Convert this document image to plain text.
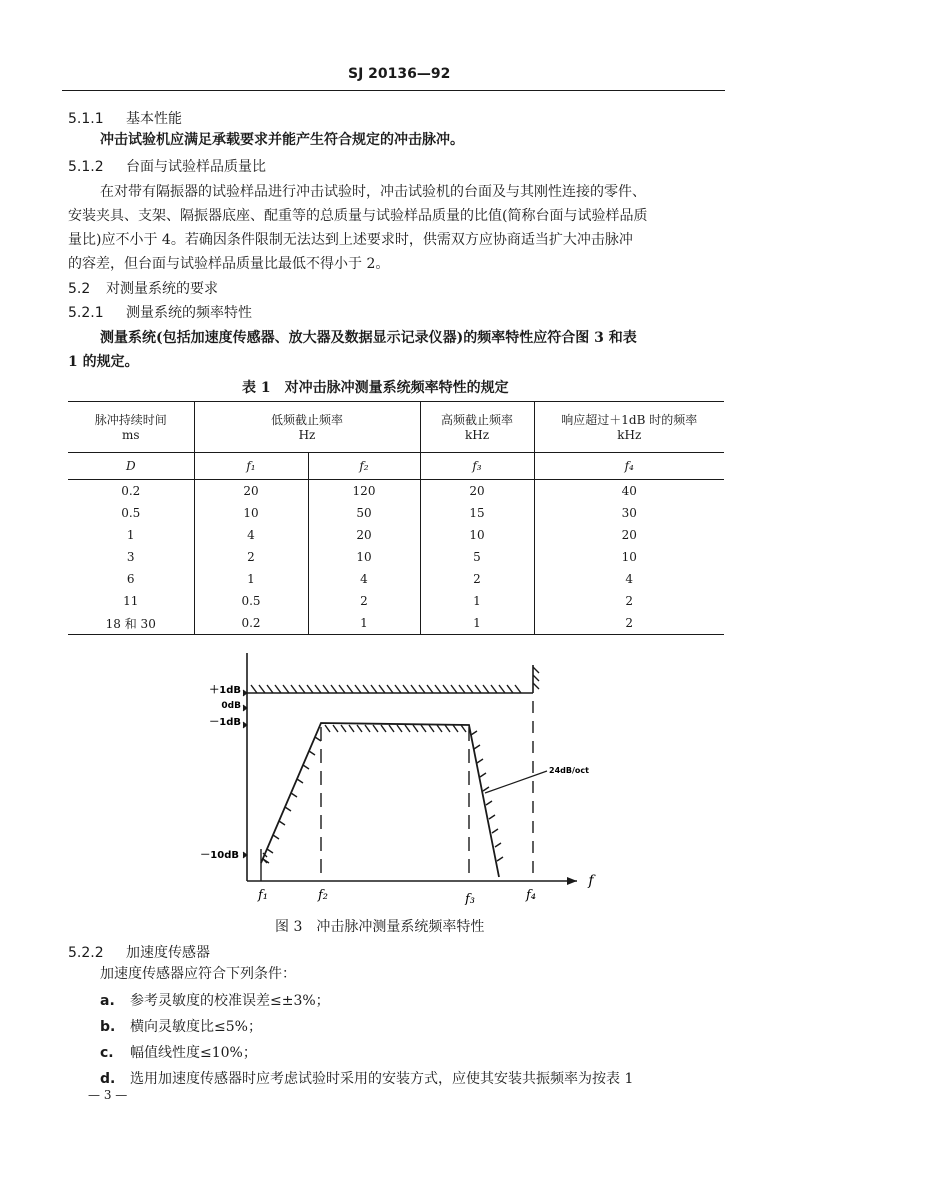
SJ 20136—92
5.1.1 基本性能
冲击试验机应满足承载要求并能产生符合规定的冲击脉冲。
5.1.2 台面与试验样品质量比
在对带有隔振器的试验样品进行冲击试验时，冲击试验机的台面及与其刚性连接的零件、
安装夹具、支架、隔振器底座、配重等的总质量与试验样品质量的比值(简称台面与试验样品质
量比)应不小于 4。若确因条件限制无法达到上述要求时，供需双方应协商适当扩大冲击脉冲
的容差，但台面与试验样品质量比最低不得小于 2。
5.2 对测量系统的要求
5.2.1 测量系统的频率特性
测量系统(包括加速度传感器、放大器及数据显示记录仪器)的频率特性应符合图 3 和表
1 的规定。
表 1　对冲击脉冲测量系统频率特性的规定
脉冲持续时间	低频截止频率		高频截止频率	响应超过＋1dB 时的频率
ms	Hz		kHz	kHz
D	f₁	f₂	f₃	f₄
0.2	20	120	20	40
0.5	10	50	15	30
1	4	20	10	20
3	2	10	5	10
6	1	4	2	4
11	0.5	2	1	2
18 和 30	0.2	1	1	2
＋1dB
0dB
－1dB
－10dB
24dB/oct
f₁	f₂	f₃	f₄
f
图 3　冲击脉冲测量系统频率特性
5.2.2 加速度传感器
加速度传感器应符合下列条件：
a. 参考灵敏度的校准误差≤±3%；
b. 横向灵敏度比≤5%；
c. 幅值线性度≤10%；
d. 选用加速度传感器时应考虑试验时采用的安装方式，应使其安装共振频率为按表 1
— 3 —
